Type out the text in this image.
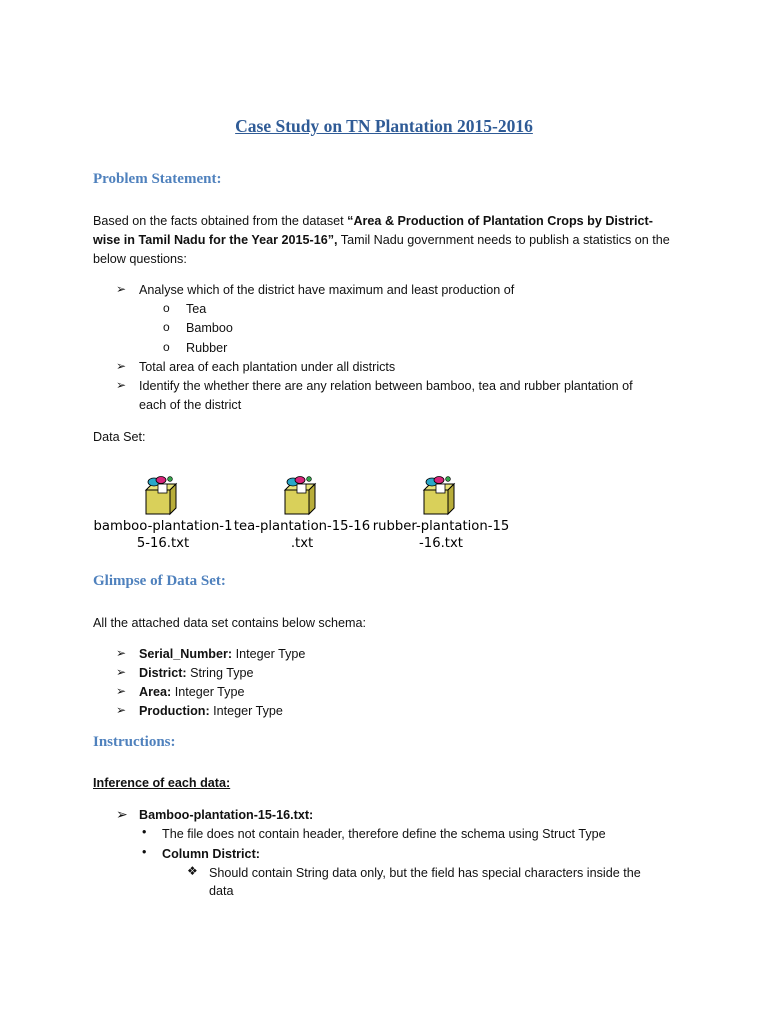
Case Study on TN Plantation 2015-2016
Problem Statement:
Based on the facts obtained from the dataset “Area & Production of Plantation Crops by District-wise in Tamil Nadu for the Year 2015-16”, Tamil Nadu government needs to publish a statistics on the below questions:
➢ Analyse which of the district have maximum and least production of
o Tea
o Bamboo
o Rubber
➢ Total area of each plantation under all districts
➢ Identify the whether there are any relation between bamboo, tea and rubber plantation of
each of the district
Data Set:
bamboo-plantation-1
5-16.txt
tea-plantation-15-16
.txt
rubber-plantation-15
-16.txt
Glimpse of Data Set:
All the attached data set contains below schema:
➢ Serial_Number: Integer Type
➢ District: String Type
➢ Area: Integer Type
➢ Production: Integer Type
Instructions:
Inference of each data:
➢ Bamboo-plantation-15-16.txt:
• The file does not contain header, therefore define the schema using Struct Type
• Column District:
❖ Should contain String data only, but the field has special characters inside the
data
